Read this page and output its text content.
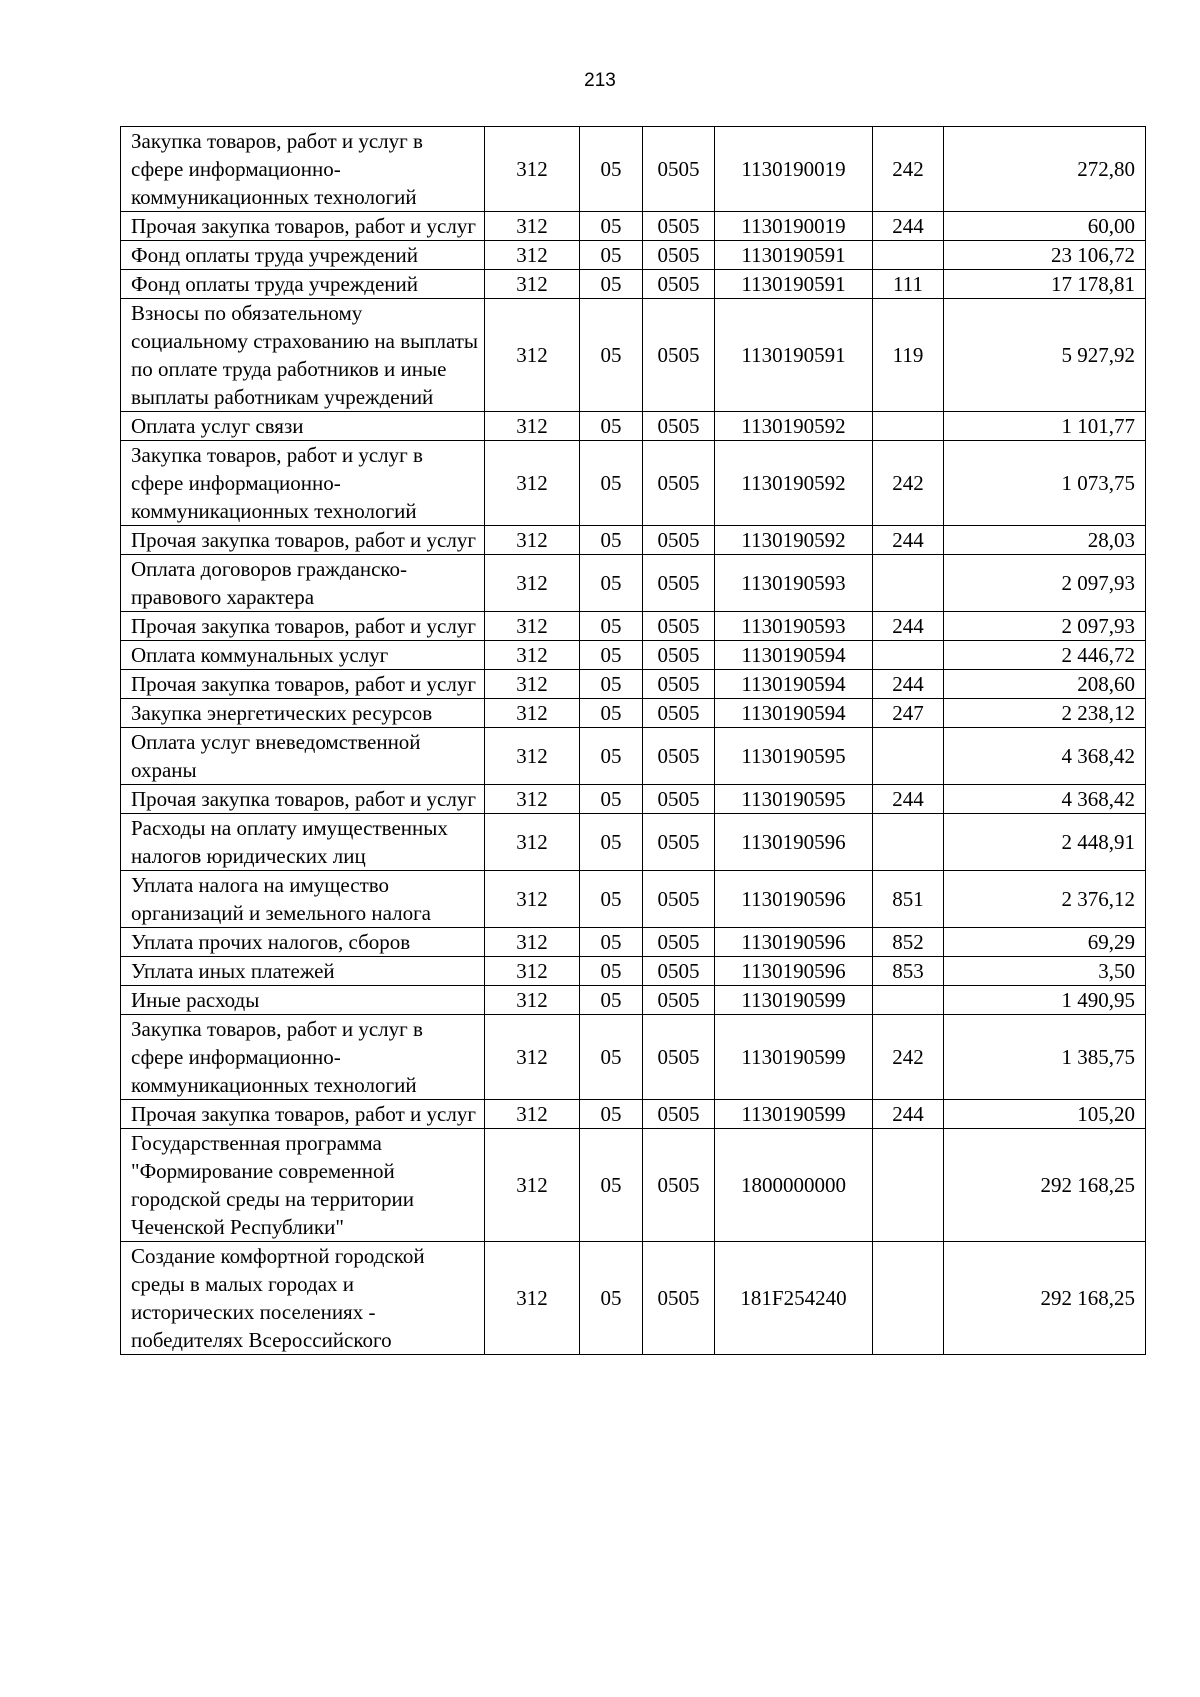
213
Закупка товаров, работ и услуг в сфере информационно-коммуникационных технологий	312	05	0505	1130190019	242	272,80
Прочая закупка товаров, работ и услуг	312	05	0505	1130190019	244	60,00
Фонд оплаты труда учреждений	312	05	0505	1130190591		23 106,72
Фонд оплаты труда учреждений	312	05	0505	1130190591	111	17 178,81
Взносы по обязательному социальному страхованию на выплаты по оплате труда работников и иные выплаты работникам учреждений	312	05	0505	1130190591	119	5 927,92
Оплата услуг связи	312	05	0505	1130190592		1 101,77
Закупка товаров, работ и услуг в сфере информационно-коммуникационных технологий	312	05	0505	1130190592	242	1 073,75
Прочая закупка товаров, работ и услуг	312	05	0505	1130190592	244	28,03
Оплата договоров гражданско-правового характера	312	05	0505	1130190593		2 097,93
Прочая закупка товаров, работ и услуг	312	05	0505	1130190593	244	2 097,93
Оплата коммунальных услуг	312	05	0505	1130190594		2 446,72
Прочая закупка товаров, работ и услуг	312	05	0505	1130190594	244	208,60
Закупка энергетических ресурсов	312	05	0505	1130190594	247	2 238,12
Оплата услуг вневедомственной охраны	312	05	0505	1130190595		4 368,42
Прочая закупка товаров, работ и услуг	312	05	0505	1130190595	244	4 368,42
Расходы на оплату имущественных налогов юридических лиц	312	05	0505	1130190596		2 448,91
Уплата налога на имущество организаций и земельного налога	312	05	0505	1130190596	851	2 376,12
Уплата прочих налогов, сборов	312	05	0505	1130190596	852	69,29
Уплата иных платежей	312	05	0505	1130190596	853	3,50
Иные расходы	312	05	0505	1130190599		1 490,95
Закупка товаров, работ и услуг в сфере информационно-коммуникационных технологий	312	05	0505	1130190599	242	1 385,75
Прочая закупка товаров, работ и услуг	312	05	0505	1130190599	244	105,20
Государственная программа "Формирование современной городской среды на территории Чеченской Республики"	312	05	0505	1800000000		292 168,25
Создание комфортной городской среды в малых городах и исторических поселениях - победителях Всероссийского	312	05	0505	181F254240		292 168,25
